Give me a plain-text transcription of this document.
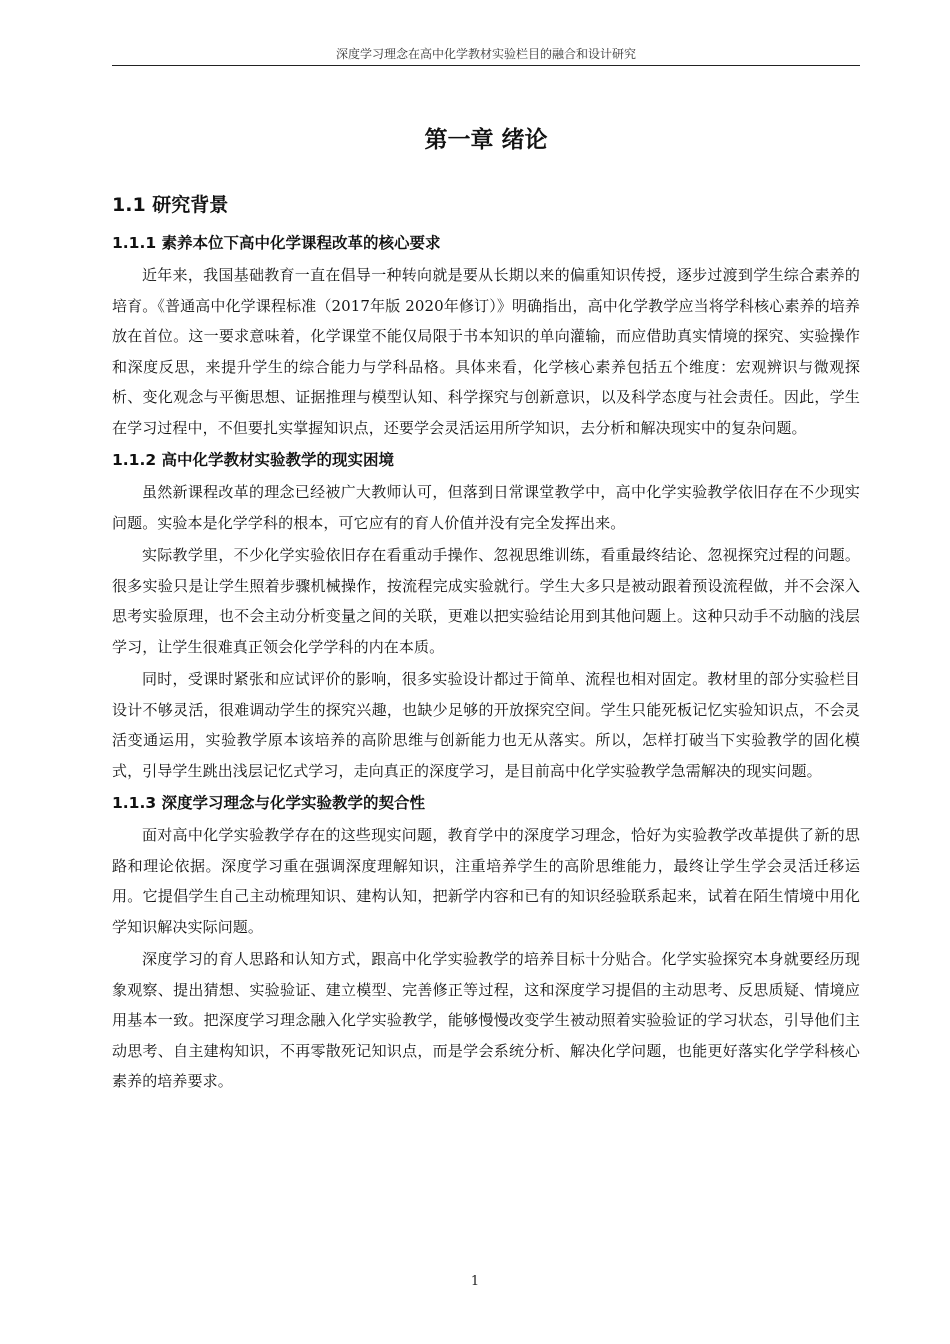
深度学习理念在高中化学教材实验栏目的融合和设计研究
第一章 绪论
1.1 研究背景
1.1.1 素养本位下高中化学课程改革的核心要求

近年来，我国基础教育一直在倡导一种转向就是要从长期以来的偏重知识传授，逐步过渡到学生综合素养的培育。《普通高中化学课程标准（2017年版 2020年修订）》明确指出，高中化学教学应当将学科核心素养的培养放在首位。这一要求意味着，化学课堂不能仅局限于书本知识的单向灌输，而应借助真实情境的探究、实验操作和深度反思，来提升学生的综合能力与学科品格。具体来看，化学核心素养包括五个维度：宏观辨识与微观探析、变化观念与平衡思想、证据推理与模型认知、科学探究与创新意识，以及科学态度与社会责任。因此，学生在学习过程中，不但要扎实掌握知识点，还要学会灵活运用所学知识，去分析和解决现实中的复杂问题。

1.1.2 高中化学教材实验教学的现实困境

虽然新课程改革的理念已经被广大教师认可，但落到日常课堂教学中，高中化学实验教学依旧存在不少现实问题。实验本是化学学科的根本，可它应有的育人价值并没有完全发挥出来。

实际教学里，不少化学实验依旧存在看重动手操作、忽视思维训练，看重最终结论、忽视探究过程的问题。很多实验只是让学生照着步骤机械操作，按流程完成实验就行。学生大多只是被动跟着预设流程做，并不会深入思考实验原理，也不会主动分析变量之间的关联，更难以把实验结论用到其他问题上。这种只动手不动脑的浅层学习，让学生很难真正领会化学学科的内在本质。

同时，受课时紧张和应试评价的影响，很多实验设计都过于简单、流程也相对固定。教材里的部分实验栏目设计不够灵活，很难调动学生的探究兴趣，也缺少足够的开放探究空间。学生只能死板记忆实验知识点，不会灵活变通运用，实验教学原本该培养的高阶思维与创新能力也无从落实。所以，怎样打破当下实验教学的固化模式，引导学生跳出浅层记忆式学习，走向真正的深度学习，是目前高中化学实验教学急需解决的现实问题。

1.1.3 深度学习理念与化学实验教学的契合性

面对高中化学实验教学存在的这些现实问题，教育学中的深度学习理念，恰好为实验教学改革提供了新的思路和理论依据。深度学习重在强调深度理解知识，注重培养学生的高阶思维能力，最终让学生学会灵活迁移运用。它提倡学生自己主动梳理知识、建构认知，把新学内容和已有的知识经验联系起来，试着在陌生情境中用化学知识解决实际问题。

深度学习的育人思路和认知方式，跟高中化学实验教学的培养目标十分贴合。化学实验探究本身就要经历现象观察、提出猜想、实验验证、建立模型、完善修正等过程，这和深度学习提倡的主动思考、反思质疑、情境应用基本一致。把深度学习理念融入化学实验教学，能够慢慢改变学生被动照着实验验证的学习状态，引导他们主动思考、自主建构知识，不再零散死记知识点，而是学会系统分析、解决化学问题，也能更好落实化学学科核心素养的培养要求。

1
